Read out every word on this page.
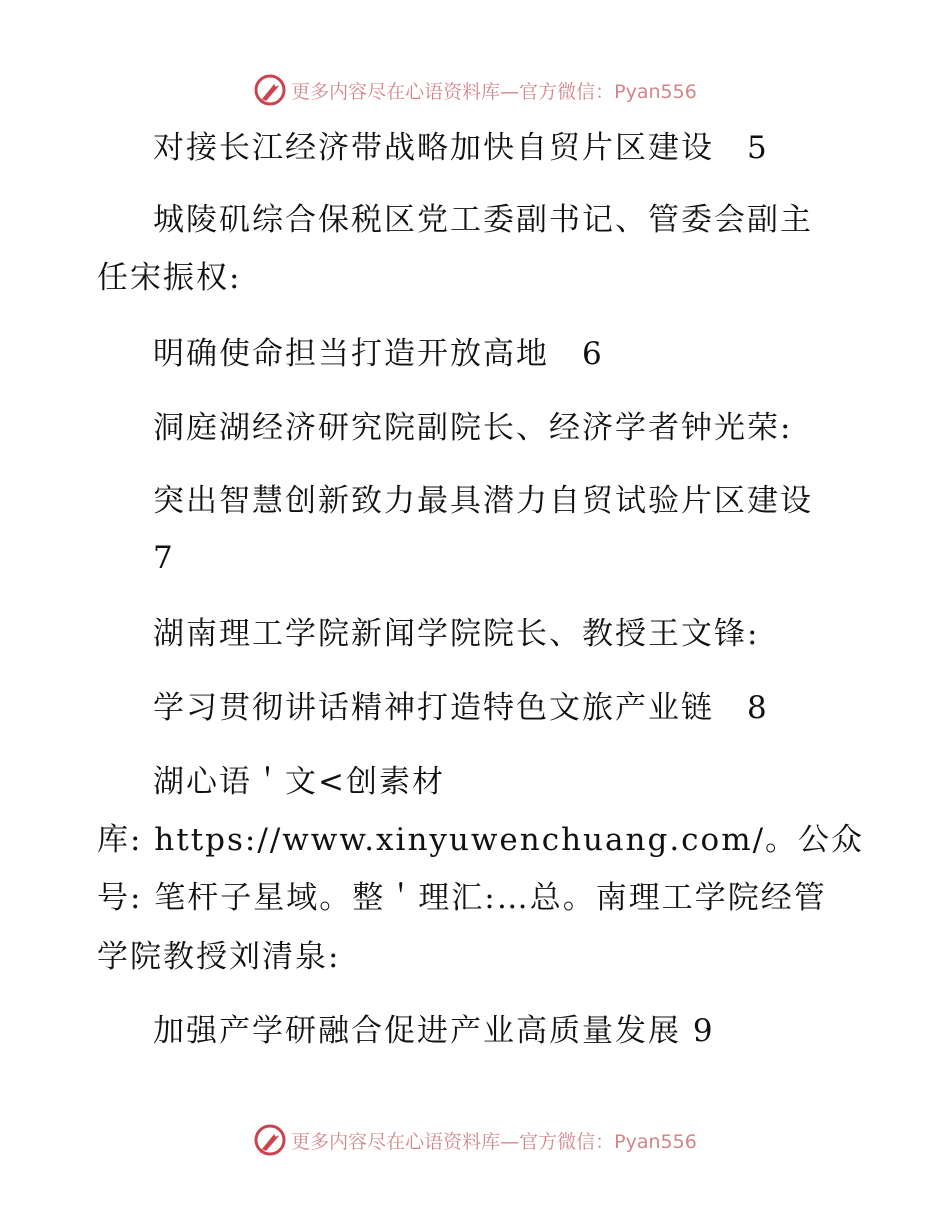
更多内容尽在心语资料库—官方微信：Pyan556
对接长江经济带战略加快自贸片区建设　5
城陵矶综合保税区党工委副书记、管委会副主
任宋振权:
明确使命担当打造开放高地　6
洞庭湖经济研究院副院长、经济学者钟光荣:
突出智慧创新致力最具潜力自贸试验片区建设
7
湖南理工学院新闻学院院长、教授王文锋:
学习贯彻讲话精神打造特色文旅产业链　8
湖心语＇文<创素材
库: https://www.xinyuwenchuang.com/。公众
号: 笔杆子星域。整＇理汇:…总。南理工学院经管
学院教授刘清泉:
加强产学研融合促进产业高质量发展 9
更多内容尽在心语资料库—官方微信：Pyan556
